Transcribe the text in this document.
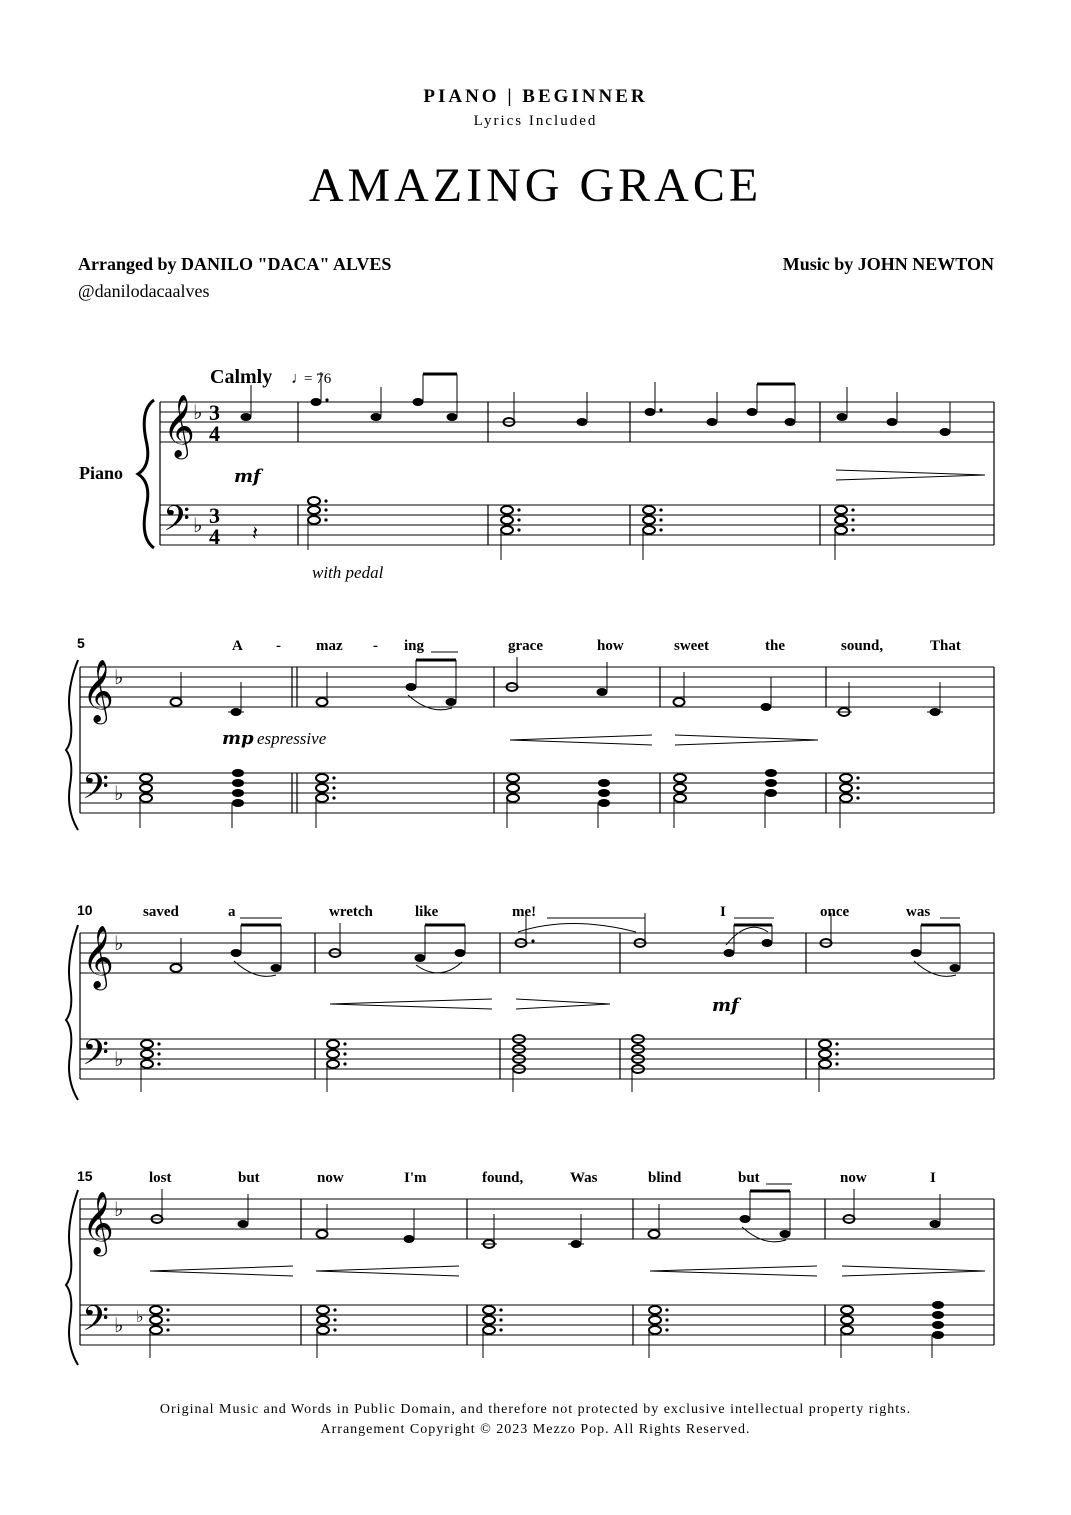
PIANO | BEGINNER
Lyrics Included
AMAZING GRACE
Arranged by DANILO "DACA" ALVES
@danilodacaalves
Music by JOHN NEWTON
Calmly ♩
= 76
Piano
𝄞
𝄢
♭
♭
3
4
3
4
mf
𝄽
with pedal
5	A - maz - ing	grace	how	sweet	the	sound,	That
𝄞
𝄢
♭
♭
mp espressive
10	saved	a	wretch	like	me!	I	once	was
𝄞
𝄢
♭
♭
mf
15	lost	but	now	I'm	found,	Was	blind	but	now	I
𝄞
𝄢
♭
♭ ♭
Original Music and Words in Public Domain, and therefore not protected by exclusive intellectual property rights.
Arrangement Copyright © 2023 Mezzo Pop. All Rights Reserved.
